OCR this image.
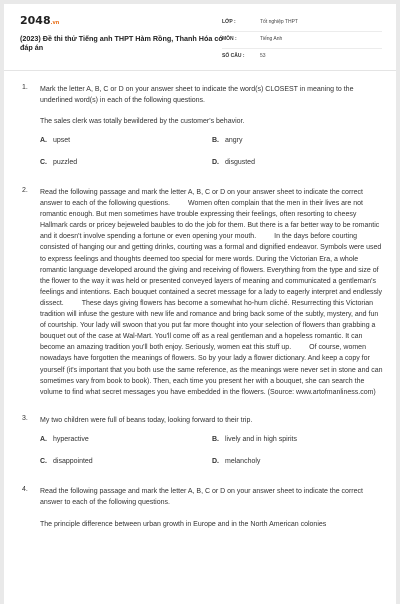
2048.vn
(2023) Đề thi thử Tiếng anh THPT Hàm Rồng, Thanh Hóa có đáp án
LỚP :	Tốt nghiệp THPT
MÔN :	Tiếng Anh
SỐ CÂU :	53
1. Mark the letter A, B, C or D on your answer sheet to indicate the word(s) CLOSEST in meaning to the underlined word(s) in each of the following questions.
The sales clerk was totally bewildered by the customer's behavior.
A. upset	B. angry
C. puzzled	D. disgusted
2. Read the following passage and mark the letter A, B, C or D on your answer sheet to indicate the correct answer to each of the following questions.	Women often complain that the men in their lives are not romantic enough. But men sometimes have trouble expressing their feelings, often resorting to cheesy Hallmark cards or pricey bejeweled baubles to do the job for them. But there is a far better way to be romantic and it doesn't involve spending a fortune or even opening your mouth.	In the days before courting consisted of hanging our and getting drinks, courting was a formal and dignified endeavor. Symbols were used to express feelings and thoughts deemed too special for mere words. During the Victorian Era, a whole romantic language developed around the giving and receiving of flowers. Everything from the type and size of the flower to the way it was held or presented conveyed layers of meaning and communicated a gentleman's feelings and intentions. Each bouquet contained a secret message for a lady to eagerly interpret and endlessly dissect.	These days giving flowers has become a somewhat ho-hum cliché. Resurrecting this Victorian tradition will infuse the gesture with new life and romance and bring back some of the subtly, mystery, and fun of courtship. Your lady will swoon that you put far more thought into your selection of flowers than grabbing a bouquet out of the case at Wal-Mart. You'll come off as a real gentleman and a hopeless romantic. It can become an amazing tradition you'll both enjoy. Seriously, women eat this stuff up.	Of course, women nowadays have forgotten the meanings of flowers. So by your lady a flower dictionary. And keep a copy for yourself (it's important that you both use the same reference, as the meanings were never set in stone and can sometimes vary from book to book). Then, each time you present her with a bouquet, she can search the volume to find what secret messages you have embedded in the flowers. (Source: www.artofmanliness.com)
3. My two children were full of beans today, looking forward to their trip.
A. hyperactive	B. lively and in high spirits
C. disappointed	D. melancholy
4. Read the following passage and mark the letter A, B, C or D on your answer sheet to indicate the correct answer to each of the following questions.
The principle difference between urban growth in Europe and in the North American colonies
